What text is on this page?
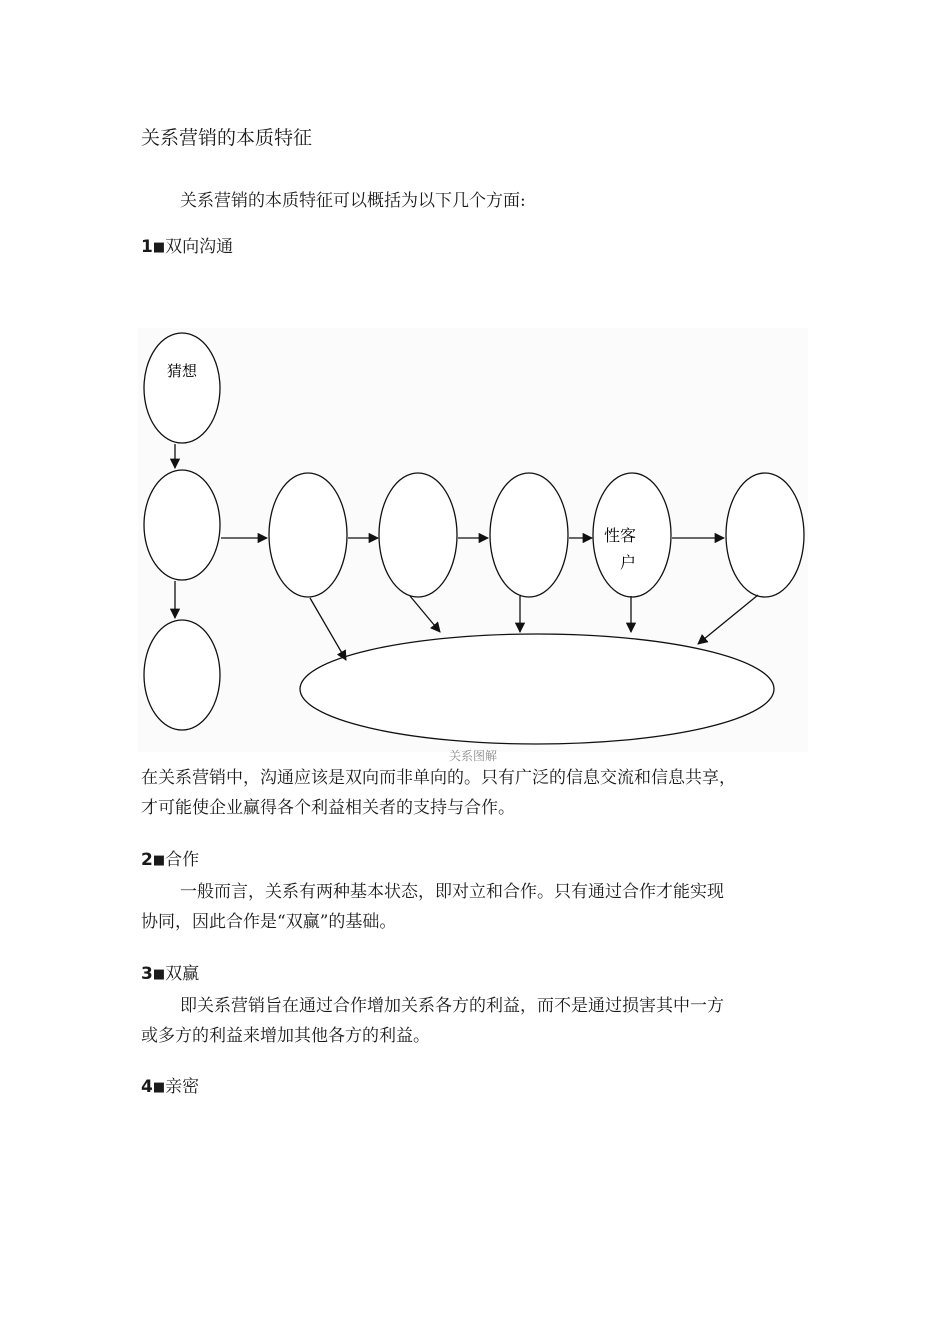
关系营销的本质特征
关系营销的本质特征可以概括为以下几个方面:
1■双向沟通
猜想
性客
户
关系图解
在关系营销中，沟通应该是双向而非单向的。只有广泛的信息交流和信息共享，
才可能使企业赢得各个利益相关者的支持与合作。
2■合作
一般而言，关系有两种基本状态，即对立和合作。只有通过合作才能实现
协同，因此合作是“双赢”的基础。
3■双赢
即关系营销旨在通过合作增加关系各方的利益，而不是通过损害其中一方
或多方的利益来增加其他各方的利益。
4■亲密
